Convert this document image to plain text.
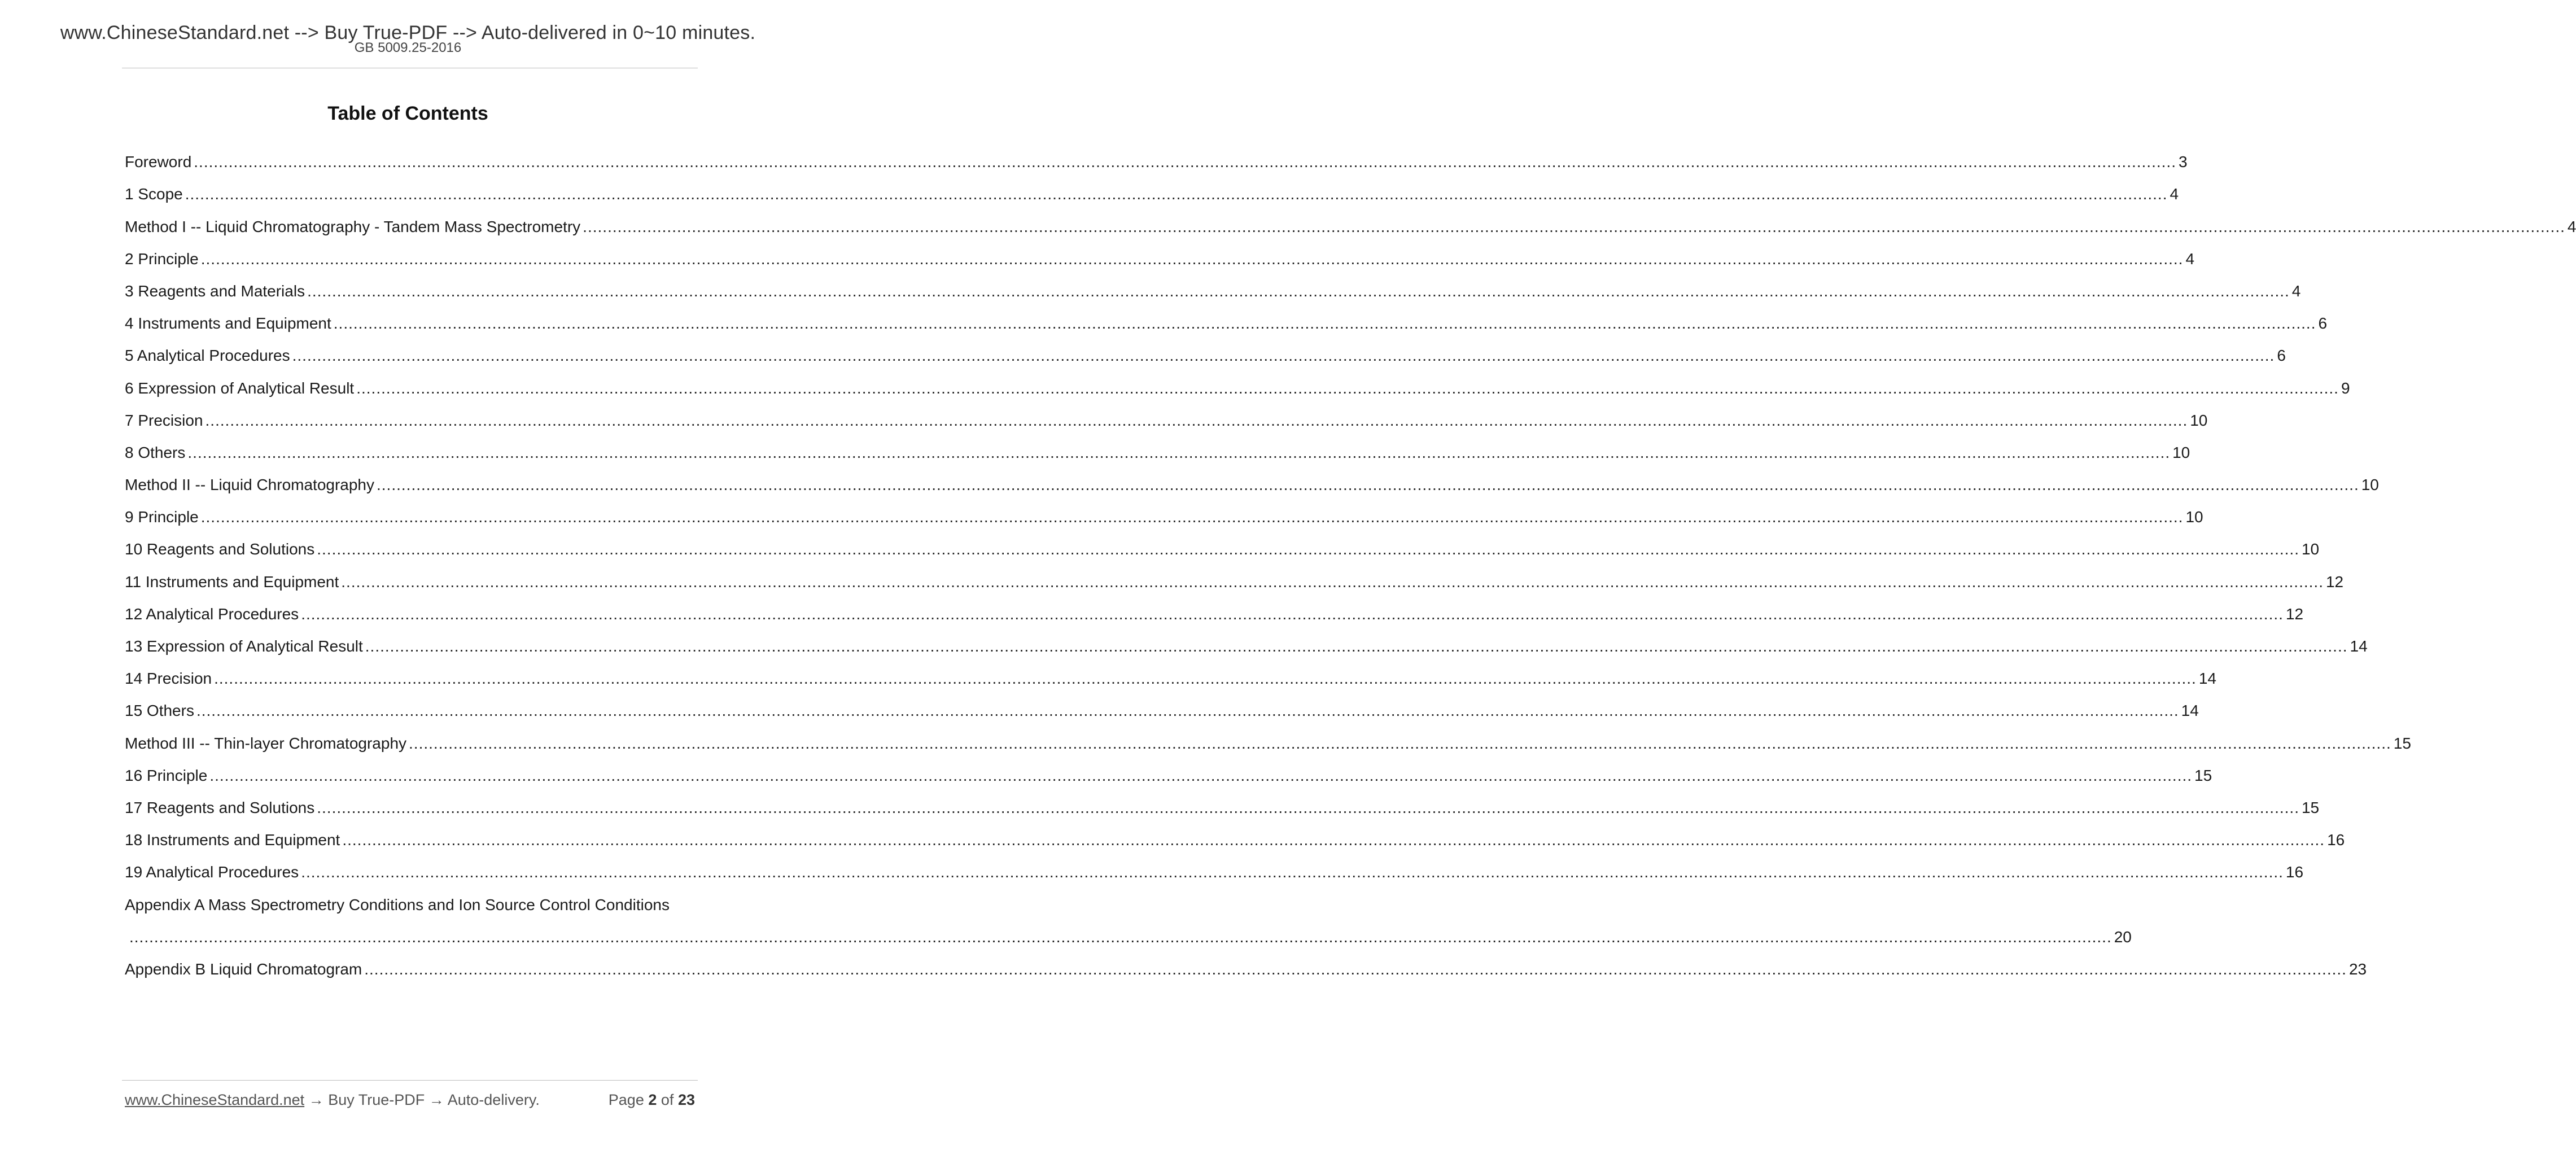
www.ChineseStandard.net --> Buy True-PDF --> Auto-delivered in 0~10 minutes.
GB 5009.25-2016
Table of Contents
Foreword ................................................................................................................................................................................................................................................................................................................................................................................................................ 3
1 Scope ................................................................................................................................................................................................................................................................................................................................................................................................................ 4
Method I -- Liquid Chromatography - Tandem Mass Spectrometry ................................................................................................................................................................................................................................................................................................................................................................................................................ 4
2 Principle ................................................................................................................................................................................................................................................................................................................................................................................................................ 4
3 Reagents and Materials ................................................................................................................................................................................................................................................................................................................................................................................................................ 4
4 Instruments and Equipment ................................................................................................................................................................................................................................................................................................................................................................................................................ 6
5 Analytical Procedures ................................................................................................................................................................................................................................................................................................................................................................................................................ 6
6 Expression of Analytical Result ................................................................................................................................................................................................................................................................................................................................................................................................................ 9
7 Precision ................................................................................................................................................................................................................................................................................................................................................................................................................ 10
8 Others ................................................................................................................................................................................................................................................................................................................................................................................................................ 10
Method II -- Liquid Chromatography ................................................................................................................................................................................................................................................................................................................................................................................................................ 10
9 Principle ................................................................................................................................................................................................................................................................................................................................................................................................................ 10
10 Reagents and Solutions ................................................................................................................................................................................................................................................................................................................................................................................................................ 10
11 Instruments and Equipment ................................................................................................................................................................................................................................................................................................................................................................................................................ 12
12 Analytical Procedures ................................................................................................................................................................................................................................................................................................................................................................................................................ 12
13 Expression of Analytical Result ................................................................................................................................................................................................................................................................................................................................................................................................................ 14
14 Precision ................................................................................................................................................................................................................................................................................................................................................................................................................ 14
15 Others ................................................................................................................................................................................................................................................................................................................................................................................................................ 14
Method III -- Thin-layer Chromatography ................................................................................................................................................................................................................................................................................................................................................................................................................ 15
16 Principle ................................................................................................................................................................................................................................................................................................................................................................................................................ 15
17 Reagents and Solutions ................................................................................................................................................................................................................................................................................................................................................................................................................ 15
18 Instruments and Equipment ................................................................................................................................................................................................................................................................................................................................................................................................................ 16
19 Analytical Procedures ................................................................................................................................................................................................................................................................................................................................................................................................................ 16
Appendix A Mass Spectrometry Conditions and Ion Source Control Conditions
................................................................................................................................................................................................................................................................................................................................................................................................................ 20
Appendix B Liquid Chromatogram ................................................................................................................................................................................................................................................................................................................................................................................................................ 23
www.ChineseStandard.net → Buy True-PDF → Auto-delivery.	Page 2 of 23
